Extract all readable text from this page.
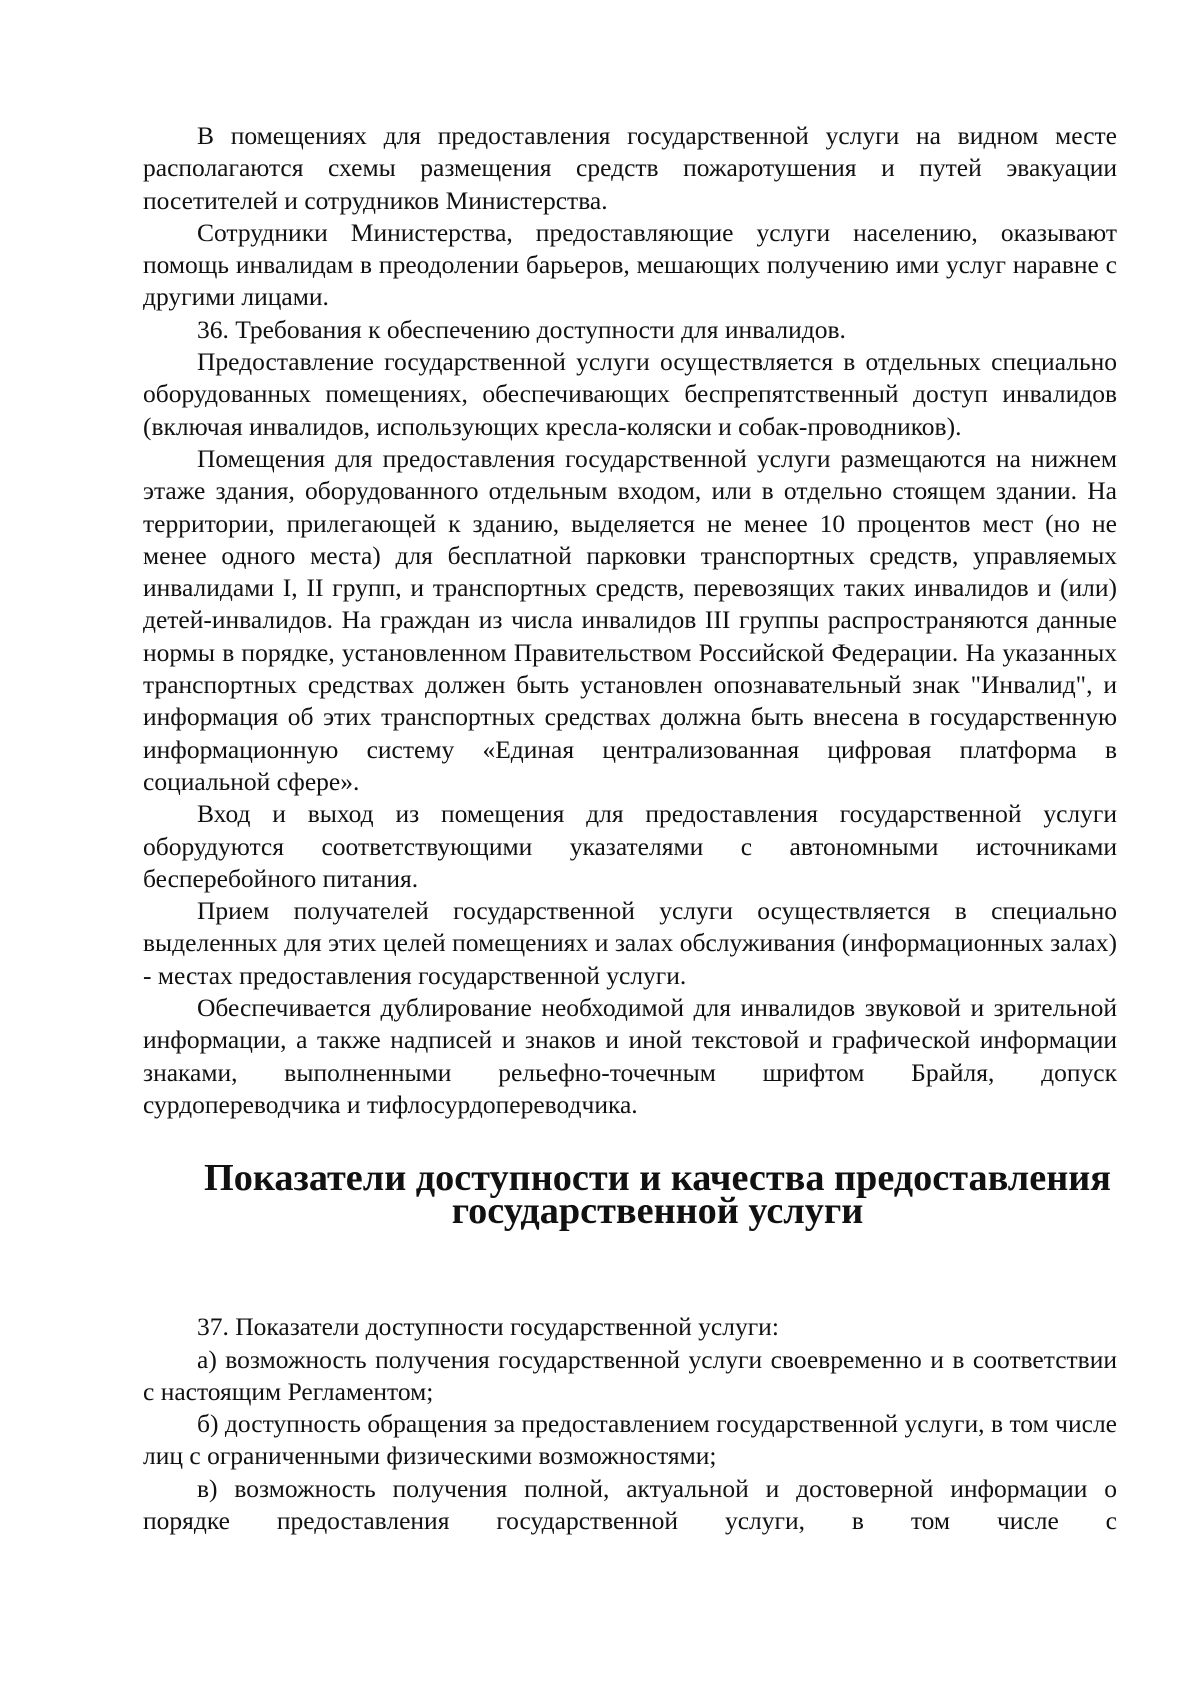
В помещениях для предоставления государственной услуги на видном месте располагаются схемы размещения средств пожаротушения и путей эвакуации посетителей и сотрудников Министерства.

Сотрудники Министерства, предоставляющие услуги населению, оказывают помощь инвалидам в преодолении барьеров, мешающих получению ими услуг наравне с другими лицами.

36. Требования к обеспечению доступности для инвалидов.

Предоставление государственной услуги осуществляется в отдельных специально оборудованных помещениях, обеспечивающих беспрепятственный доступ инвалидов (включая инвалидов, использующих кресла-коляски и собак-проводников).

Помещения для предоставления государственной услуги размещаются на нижнем этаже здания, оборудованного отдельным входом, или в отдельно стоящем здании. На территории, прилегающей к зданию, выделяется не менее 10 процентов мест (но не менее одного места) для бесплатной парковки транспортных средств, управляемых инвалидами I, II групп, и транспортных средств, перевозящих таких инвалидов и (или) детей-инвалидов. На граждан из числа инвалидов III группы распространяются данные нормы в порядке, установленном Правительством Российской Федерации. На указанных транспортных средствах должен быть установлен опознавательный знак "Инвалид", и информация об этих транспортных средствах должна быть внесена в государственную информационную систему «Единая централизованная цифровая платформа в социальной сфере».

Вход и выход из помещения для предоставления государственной услуги оборудуются соответствующими указателями с автономными источниками бесперебойного питания.

Прием получателей государственной услуги осуществляется в специально выделенных для этих целей помещениях и залах обслуживания (информационных залах) - местах предоставления государственной услуги.

Обеспечивается дублирование необходимой для инвалидов звуковой и зрительной информации, а также надписей и знаков и иной текстовой и графической информации знаками, выполненными рельефно-точечным шрифтом Брайля, допуск сурдопереводчика и тифлосурдопереводчика.

Показатели доступности и качества предоставления
государственной услуги

37. Показатели доступности государственной услуги:

а) возможность получения государственной услуги своевременно и в соответствии с настоящим Регламентом;

б) доступность обращения за предоставлением государственной услуги, в том числе лиц с ограниченными физическими возможностями;

в) возможность получения полной, актуальной и достоверной информации о порядке предоставления государственной услуги, в том числе с
